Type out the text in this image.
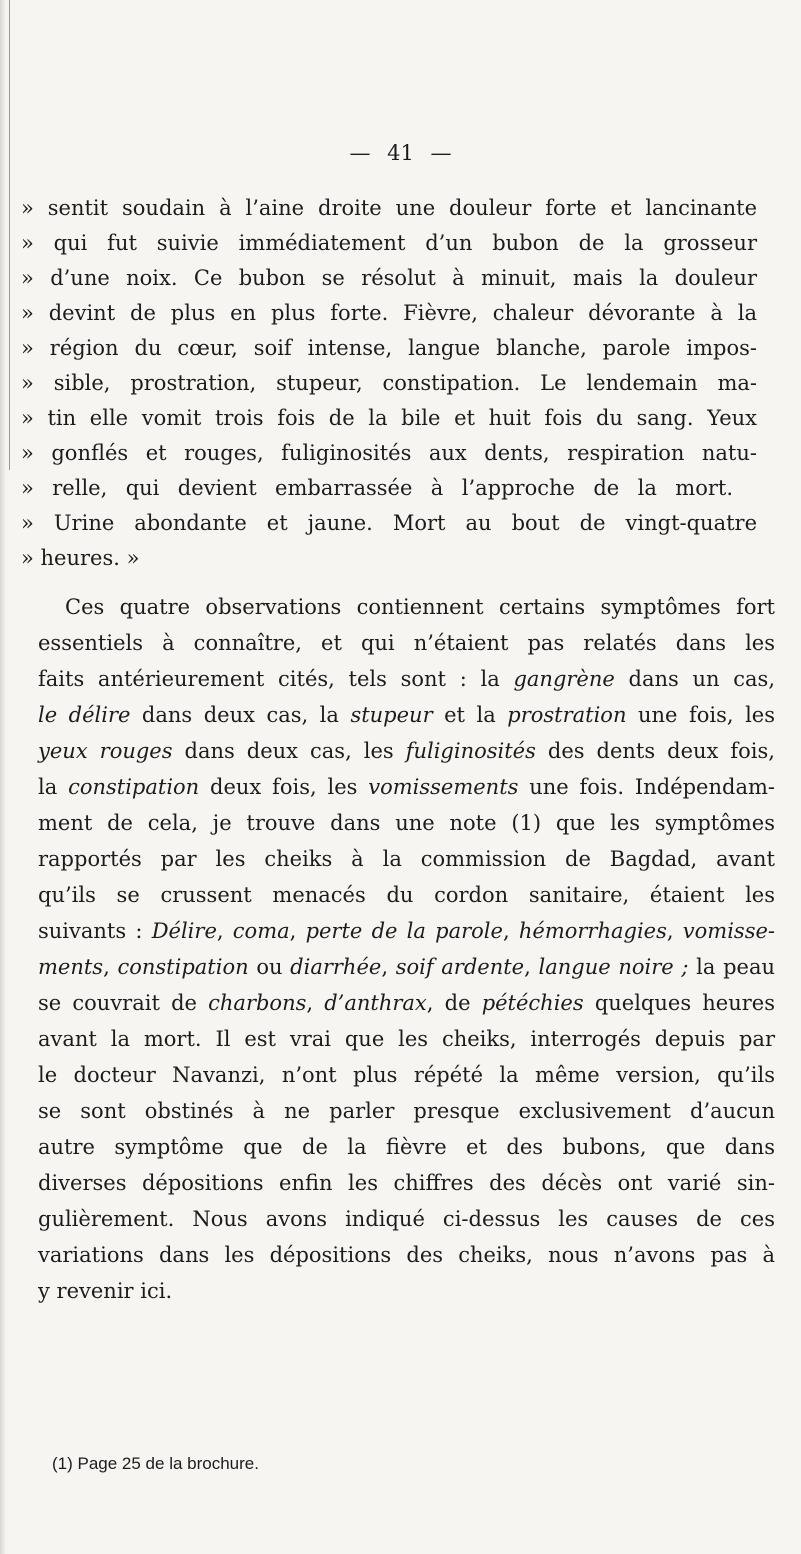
— 41 —
» sentit soudain à l’aine droite une douleur forte et lancinante
» qui fut suivie immédiatement d’un bubon de la grosseur
» d’une noix. Ce bubon se résolut à minuit, mais la douleur
» devint de plus en plus forte. Fièvre, chaleur dévorante à la
» région du cœur, soif intense, langue blanche, parole impos-
» sible, prostration, stupeur, constipation. Le lendemain ma-
» tin elle vomit trois fois de la bile et huit fois du sang. Yeux
» gonflés et rouges, fuliginosités aux dents, respiration natu-
» relle, qui devient embarrassée à l’approche de la mort.
» Urine abondante et jaune. Mort au bout de vingt-quatre
» heures. »
Ces quatre observations contiennent certains symptômes fort
essentiels à connaître, et qui n’étaient pas relatés dans les
faits antérieurement cités, tels sont : la gangrène dans un cas,
le délire dans deux cas, la stupeur et la prostration une fois, les
yeux rouges dans deux cas, les fuliginosités des dents deux fois,
la constipation deux fois, les vomissements une fois. Indépendam-
ment de cela, je trouve dans une note (1) que les symptômes
rapportés par les cheiks à la commission de Bagdad, avant
qu’ils se crussent menacés du cordon sanitaire, étaient les
suivants : Délire, coma, perte de la parole, hémorrhagies, vomisse-
ments, constipation ou diarrhée, soif ardente, langue noire ; la peau
se couvrait de charbons, d’anthrax, de pétéchies quelques heures
avant la mort. Il est vrai que les cheiks, interrogés depuis par
le docteur Navanzi, n’ont plus répété la même version, qu’ils
se sont obstinés à ne parler presque exclusivement d’aucun
autre symptôme que de la fièvre et des bubons, que dans
diverses dépositions enfin les chiffres des décès ont varié sin-
gulièrement. Nous avons indiqué ci-dessus les causes de ces
variations dans les dépositions des cheiks, nous n’avons pas à
y revenir ici.
(1) Page 25 de la brochure.
